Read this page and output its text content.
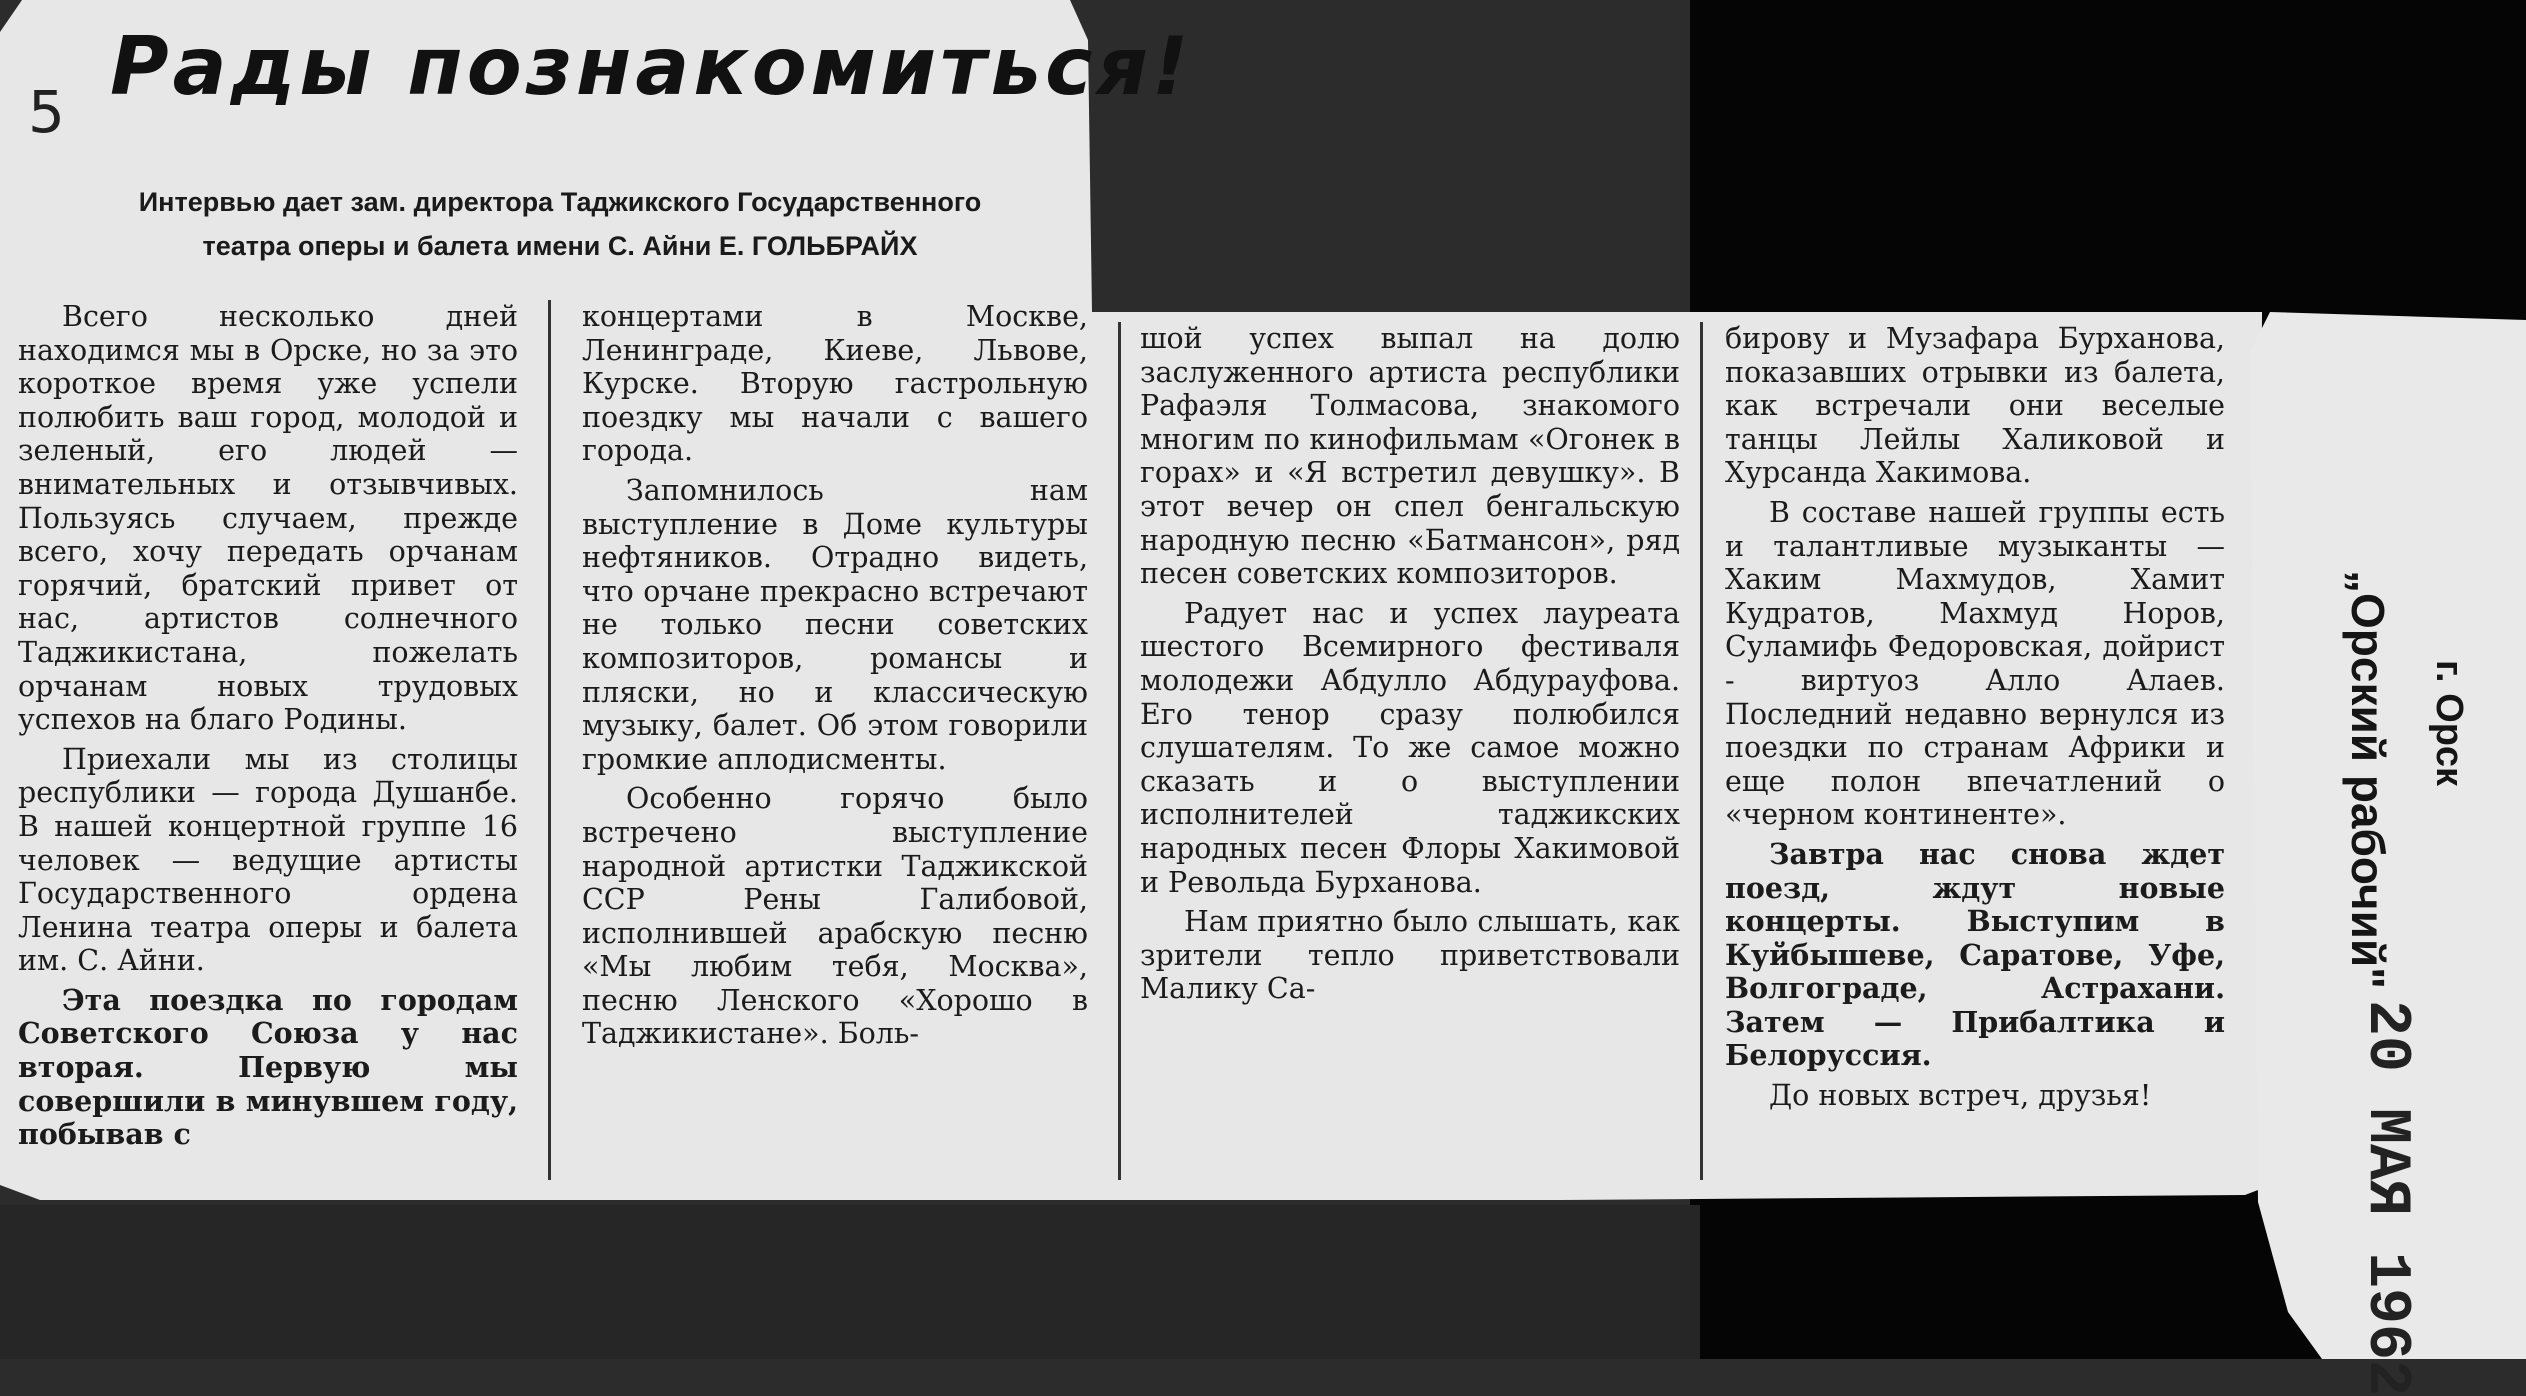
5 Рады познакомиться!
Интервью дает зам. директора Таджикского Государственного
театра оперы и балета имени С. Айни Е. ГОЛЬБРАЙХ

Всего несколько дней находимся мы в Орске, но за это короткое время уже успели полюбить ваш город, молодой и зеленый, его людей — внимательных и отзывчивых. Пользуясь случаем, прежде всего, хочу передать орчанам горячий, братский привет от нас, артистов солнечного Таджикистана, пожелать орчанам новых трудовых успехов на благо Родины.

Приехали мы из столицы республики — города Душанбе. В нашей концертной группе 16 человек — ведущие артисты Государственного ордена Ленина театра оперы и балета им. С. Айни.

Эта поездка по городам Советского Союза у нас вторая. Первую мы совершили в минувшем году, побывав с

концертами в Москве, Ленинграде, Киеве, Львове, Курске. Вторую гастрольную поездку мы начали с вашего города.

Запомнилось нам выступление в Доме культуры нефтяников. Отрадно видеть, что орчане прекрасно встречают не только песни советских композиторов, романсы и пляски, но и классическую музыку, балет. Об этом говорили громкие аплодисменты.

Особенно горячо было встречено выступление народной артистки Таджикской ССР Рены Галибовой, исполнившей арабскую песню «Мы любим тебя, Москва», песню Ленского «Хорошо в Таджикистане». Боль-

шой успех выпал на долю заслуженного артиста республики Рафаэля Толмасова, знакомого многим по кинофильмам «Огонек в горах» и «Я встретил девушку». В этот вечер он спел бенгальскую народную песню «Батмансон», ряд песен советских композиторов.

Радует нас и успех лауреата шестого Всемирного фестиваля молодежи Абдулло Абдурауфова. Его тенор сразу полюбился слушателям. То же самое можно сказать и о выступлении исполнителей таджикских народных песен Флоры Хакимовой и Револьда Бурханова.

Нам приятно было слышать, как зрители тепло приветствовали Малику Са-

бирову и Музафара Бурханова, показавших отрывки из балета, как встречали они веселые танцы Лейлы Халиковой и Хурсанда Хакимова.

В составе нашей группы есть и талантливые музыканты — Хаким Махмудов, Хамит Кудратов, Махмуд Норов, Суламифь Федоровская, дойрист - виртуоз Алло Алаев. Последний недавно вернулся из поездки по странам Африки и еще полон впечатлений о «черном континенте».

Завтра нас снова ждет поезд, ждут новые концерты. Выступим в Куйбышеве, Саратове, Уфе, Волгограде, Астрахани. Затем — Прибалтика и Белоруссия.

До новых встреч, друзья!

„Орский рабочий" г. Орск
20 МАЯ 1962
